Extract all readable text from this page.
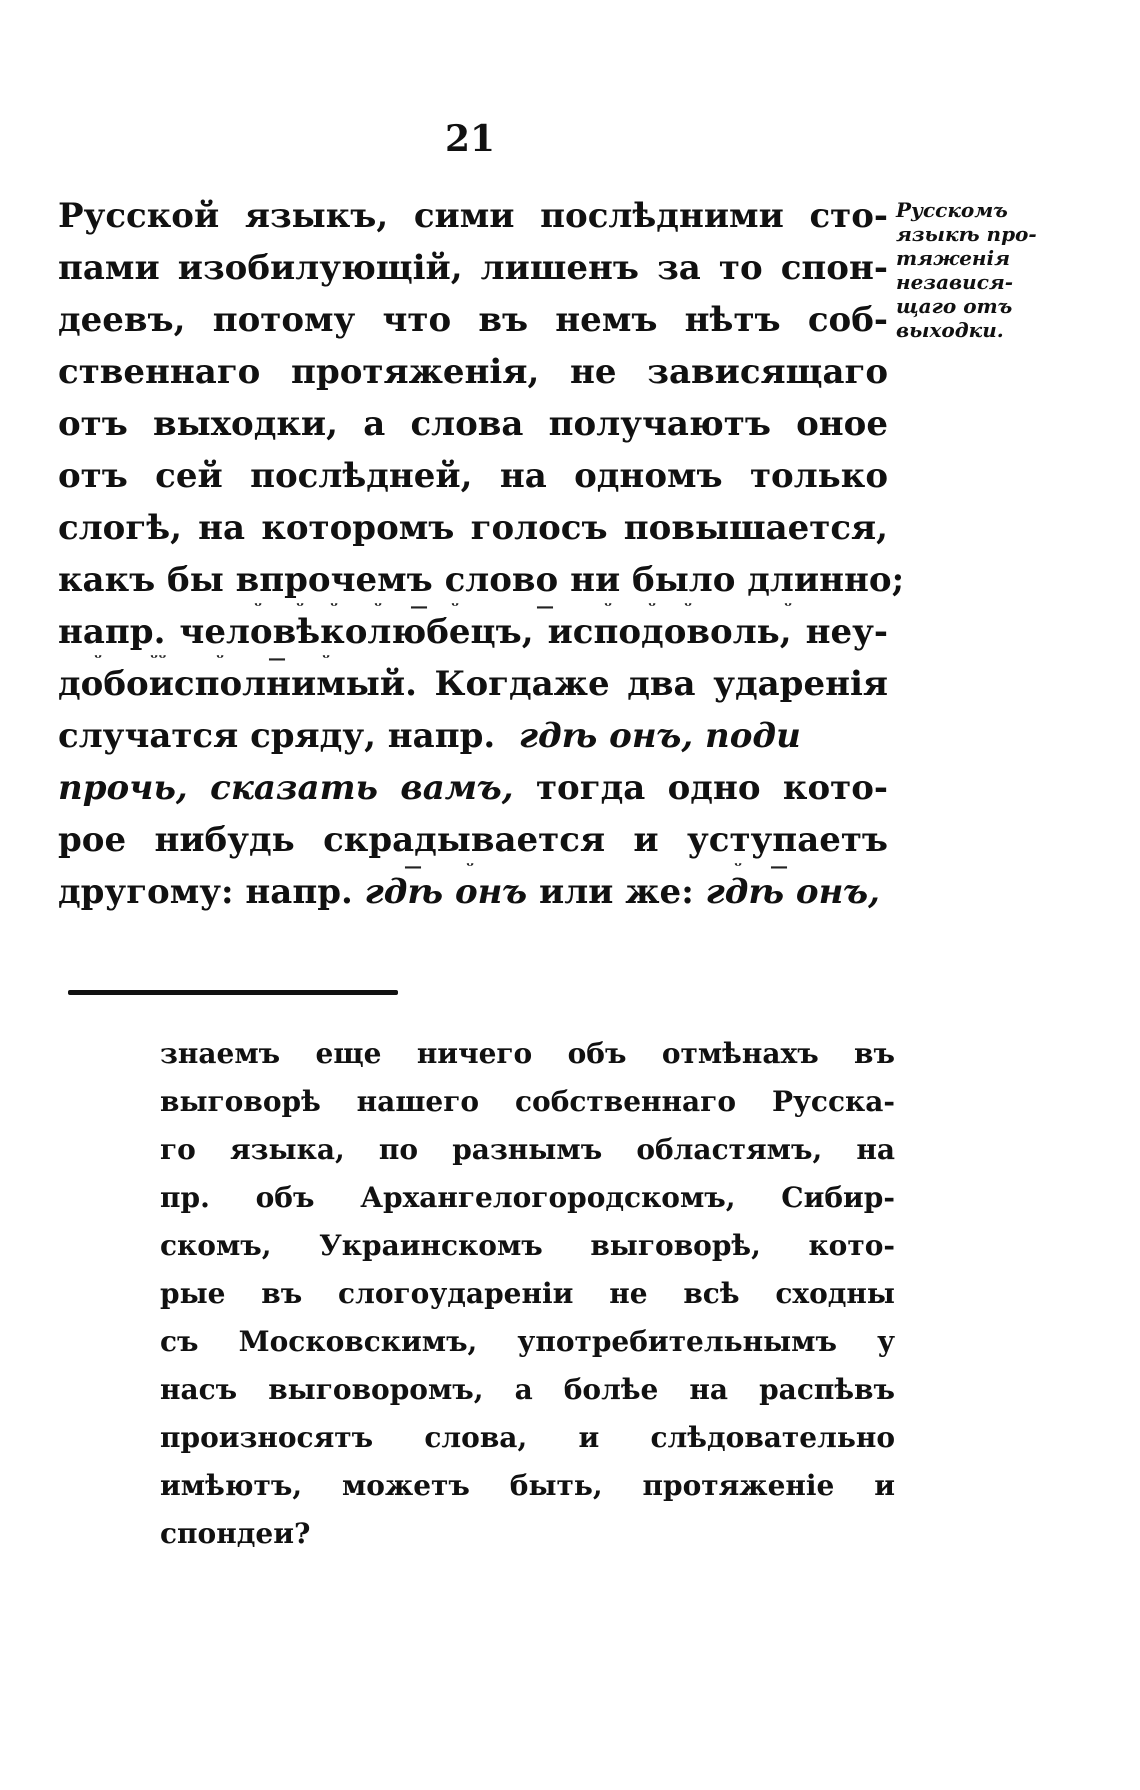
21
Русскомъ
языкѣ про-
тяженія
независя-
щаго отъ
выходки.
Русской языкъ, сими послѣдними сто-
пами изобилующій, лишенъ за то спон-
деевъ, потому что въ немъ нѣтъ соб-
ственнаго протяженія, не зависящаго
отъ выходки, а слова получаютъ оное
отъ сей послѣдней, на одномъ только
слогѣ, на которомъ голосъ повышается,
какъ бы впрочемъ слово ни было длинно;
ᵕ ᵕ ᵕ ᵕ — ᵕ	—	ᵕ ᵕ ᵕ	ᵕ
напр. человѣколюбецъ, исподоволь, неу-
ᵕ	ᵕᵕ	ᵕ — ᵕ
добоисполнимый. Когдаже два ударенія
случатся сряду, напр. гдѣ онъ, поди
прочь, сказать вамъ, тогда одно кото-
рое нибудь скрадывается и уступаетъ
— ᵕ	ᵕ —
другому: напр. гдѣ онъ или же: гдѣ онъ,
знаемъ еще ничего объ отмѣнахъ въ
выговорѣ нашего собственнаго Русска-
го языка, по разнымъ областямъ, на
пр. объ Архангелогородскомъ, Сибир-
скомъ, Украинскомъ выговорѣ, кото-
рые въ слогоудареніи не всѣ сходны
съ Московскимъ, употребительнымъ у
насъ выговоромъ, а болѣе на распѣвъ
произносятъ слова, и слѣдовательно
имѣютъ, можетъ быть, протяженіе и
спондеи?
